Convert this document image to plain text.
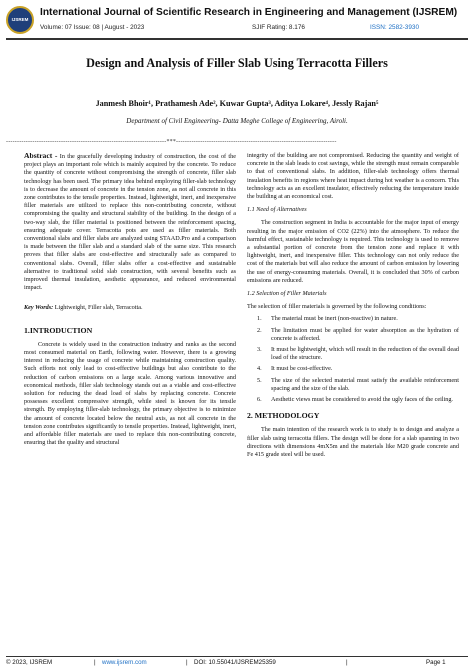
IJSREM
International Journal of Scientific Research in Engineering and Management (IJSREM)
Volume: 07 Issue: 08 | August - 2023	SJIF Rating: 8.176	ISSN: 2582-3930
Design and Analysis of Filler Slab Using Terracotta Fillers
Janmesh Bhoir¹, Prathamesh Ade², Kuwar Gupta³, Aditya Lokare⁴, Jessly Rajan⁵
Department of Civil Engineering- Datta Meghe College of Engineering, Airoli.
-------------------------------------------------------------------------***-------------------------------------------------------------------------

Abstract - In the gracefully developing industry of construction, the cost of the project plays an important role which is mainly acquired by the concrete. To reduce the quantity of concrete without compromising the strength of concrete, filler slab technology has been used. The primary idea behind employing filler-slab technology is to decrease the amount of concrete in the tension zone, as not all concrete in this zone contributes to the tensile properties. Instead, lightweight, inert, and inexpensive filler materials are utilized to replace this non-contributing concrete, without compromising the quality and structural stability of the building. In the design of a two-way slab, the filler material is positioned between the reinforcement spacing, ensuring adequate cover. Terracotta pots are used as filler materials. Both conventional slabs and filler slabs are analyzed using STAAD.Pro and a comparison is made between the filler slab and a standard slab of the same size. This research proves that filler slabs are cost-effective and structurally safe as compared to conventional slabs. Overall, filler slabs offer a cost-effective and sustainable alternative to traditional solid slab construction, with several benefits such as improved thermal insulation, aesthetic appearance, and reduced environmental impact.

Key Words: Lightweight, Filler slab, Terracotta.

1.INTRODUCTION

Concrete is widely used in the construction industry and ranks as the second most consumed material on Earth, following water. However, there is a growing interest in reducing the usage of concrete while maintaining construction quality. Such efforts not only lead to cost-effective buildings but also contribute to the reduction of carbon emissions on a large scale. Among various innovative and economical methods, filler slab technology stands out as a viable and cost-effective solution for reducing the dead load of slabs by replacing concrete. Concrete possesses excellent compressive strength, while steel is known for its tensile strength. By employing filler-slab technology, the primary objective is to minimize the amount of concrete located below the neutral axis, as not all concrete in the tension zone contributes significantly to tensile properties. Instead, lightweight, inert, and affordable filler materials are used to replace this non-contributing concrete, ensuring that the quality and structural

integrity of the building are not compromised. Reducing the quantity and weight of concrete in the slab leads to cost savings, while the strength must remain comparable to that of conventional slabs. In addition, filler-slab technology offers thermal insulation benefits in regions where heat impact during hot weather is a concern. This technology acts as an excellent insulator, effectively reducing the temperature inside the building at an economical cost.

1.1 Need of Alternatives

The construction segment in India is accountable for the major input of energy resulting in the major emission of CO2 (22%) into the atmosphere. To reduce the harmful effect, sustainable technology is required. This technology is used to remove a substantial portion of concrete from the tension zone and replace it with lightweight, inert, and inexpensive filler. This technology can not only reduce the cost of the materials but will also reduce the amount of carbon emission by lowering the use of energy-consuming materials. Overall, it is concluded that 30% of carbon emissions are reduced.

1.2 Selection of Filler Materials

The selection of filler materials is governed by the following conditions:

1. The material must be inert (non-reactive) in nature.
2. The limitation must be applied for water absorption as the hydration of concrete is affected.
3. It must be lightweight, which will result in the reduction of the overall dead load of the structure.
4. It must be cost-effective.
5. The size of the selected material must satisfy the available reinforcement spacing and the size of the slab.
6. Aesthetic views must be considered to avoid the ugly faces of the ceiling.
2. METHODOLOGY

The main intention of the research work is to study is to design and analyze a filler slab using terracotta fillers. The design will be done for a slab spanning in two directions with dimensions 4mX5m and the materials like M20 grade concrete and Fe 415 grade steel will be used.

© 2023, IJSREM	| www.ijsrem.com	| DOI: 10.55041/IJSREM25359	|	Page 1
